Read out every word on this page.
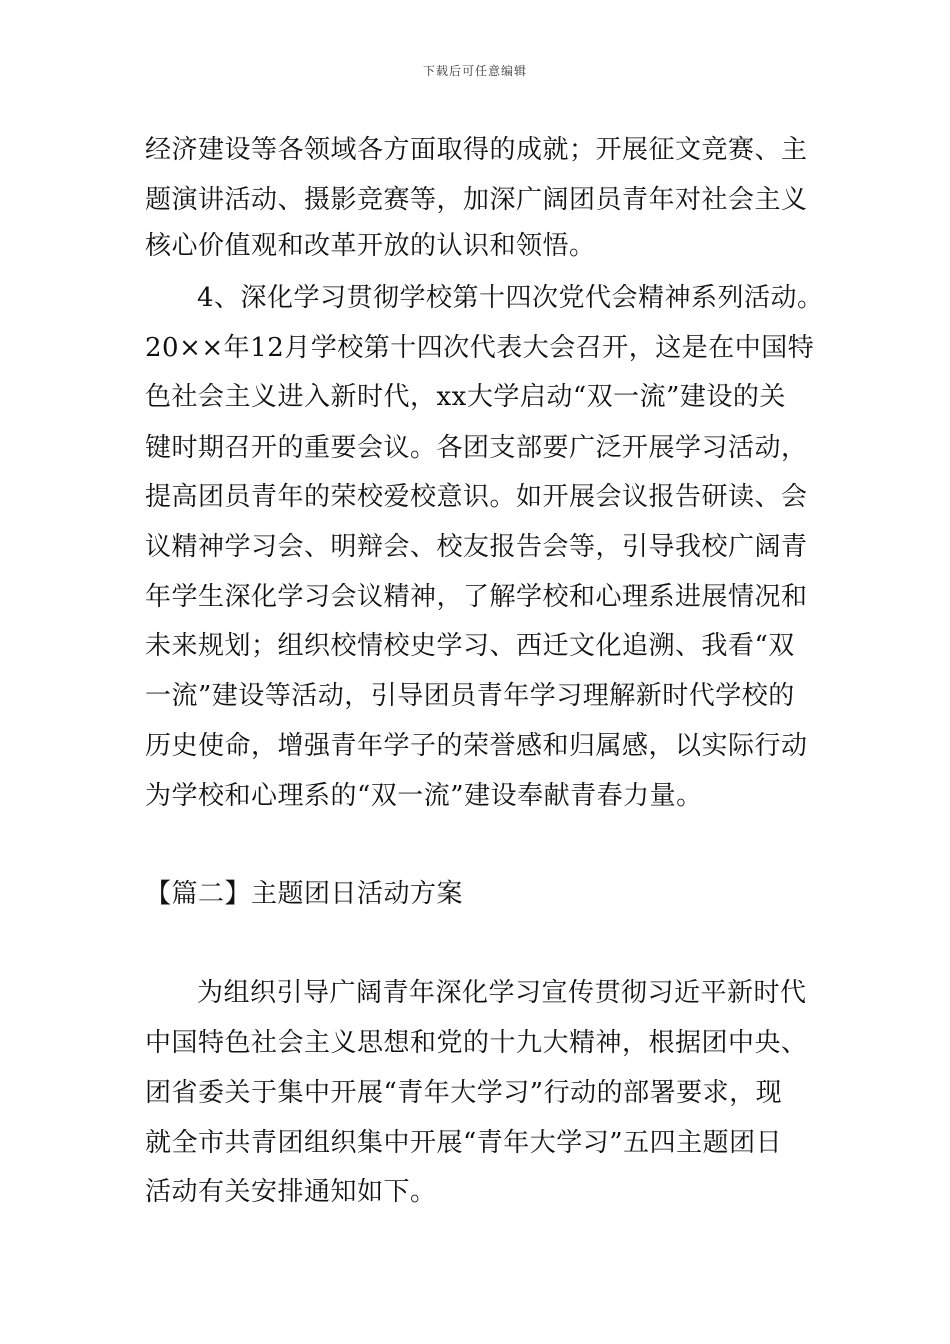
下载后可任意编辑
经济建设等各领域各方面取得的成就；开展征文竞赛、主
题演讲活动、摄影竞赛等，加深广阔团员青年对社会主义
核心价值观和改革开放的认识和领悟。
4、深化学习贯彻学校第十四次党代会精神系列活动。
20××年12月学校第十四次代表大会召开，这是在中国特
色社会主义进入新时代，xx大学启动“双一流”建设的关
键时期召开的重要会议。各团支部要广泛开展学习活动，
提高团员青年的荣校爱校意识。如开展会议报告研读、会
议精神学习会、明辩会、校友报告会等，引导我校广阔青
年学生深化学习会议精神，了解学校和心理系进展情况和
未来规划；组织校情校史学习、西迁文化追溯、我看“双
一流”建设等活动，引导团员青年学习理解新时代学校的
历史使命，增强青年学子的荣誉感和归属感，以实际行动
为学校和心理系的“双一流”建设奉献青春力量。
【篇二】主题团日活动方案
为组织引导广阔青年深化学习宣传贯彻习近平新时代
中国特色社会主义思想和党的十九大精神，根据团中央、
团省委关于集中开展“青年大学习”行动的部署要求，现
就全市共青团组织集中开展“青年大学习”五四主题团日
活动有关安排通知如下。
